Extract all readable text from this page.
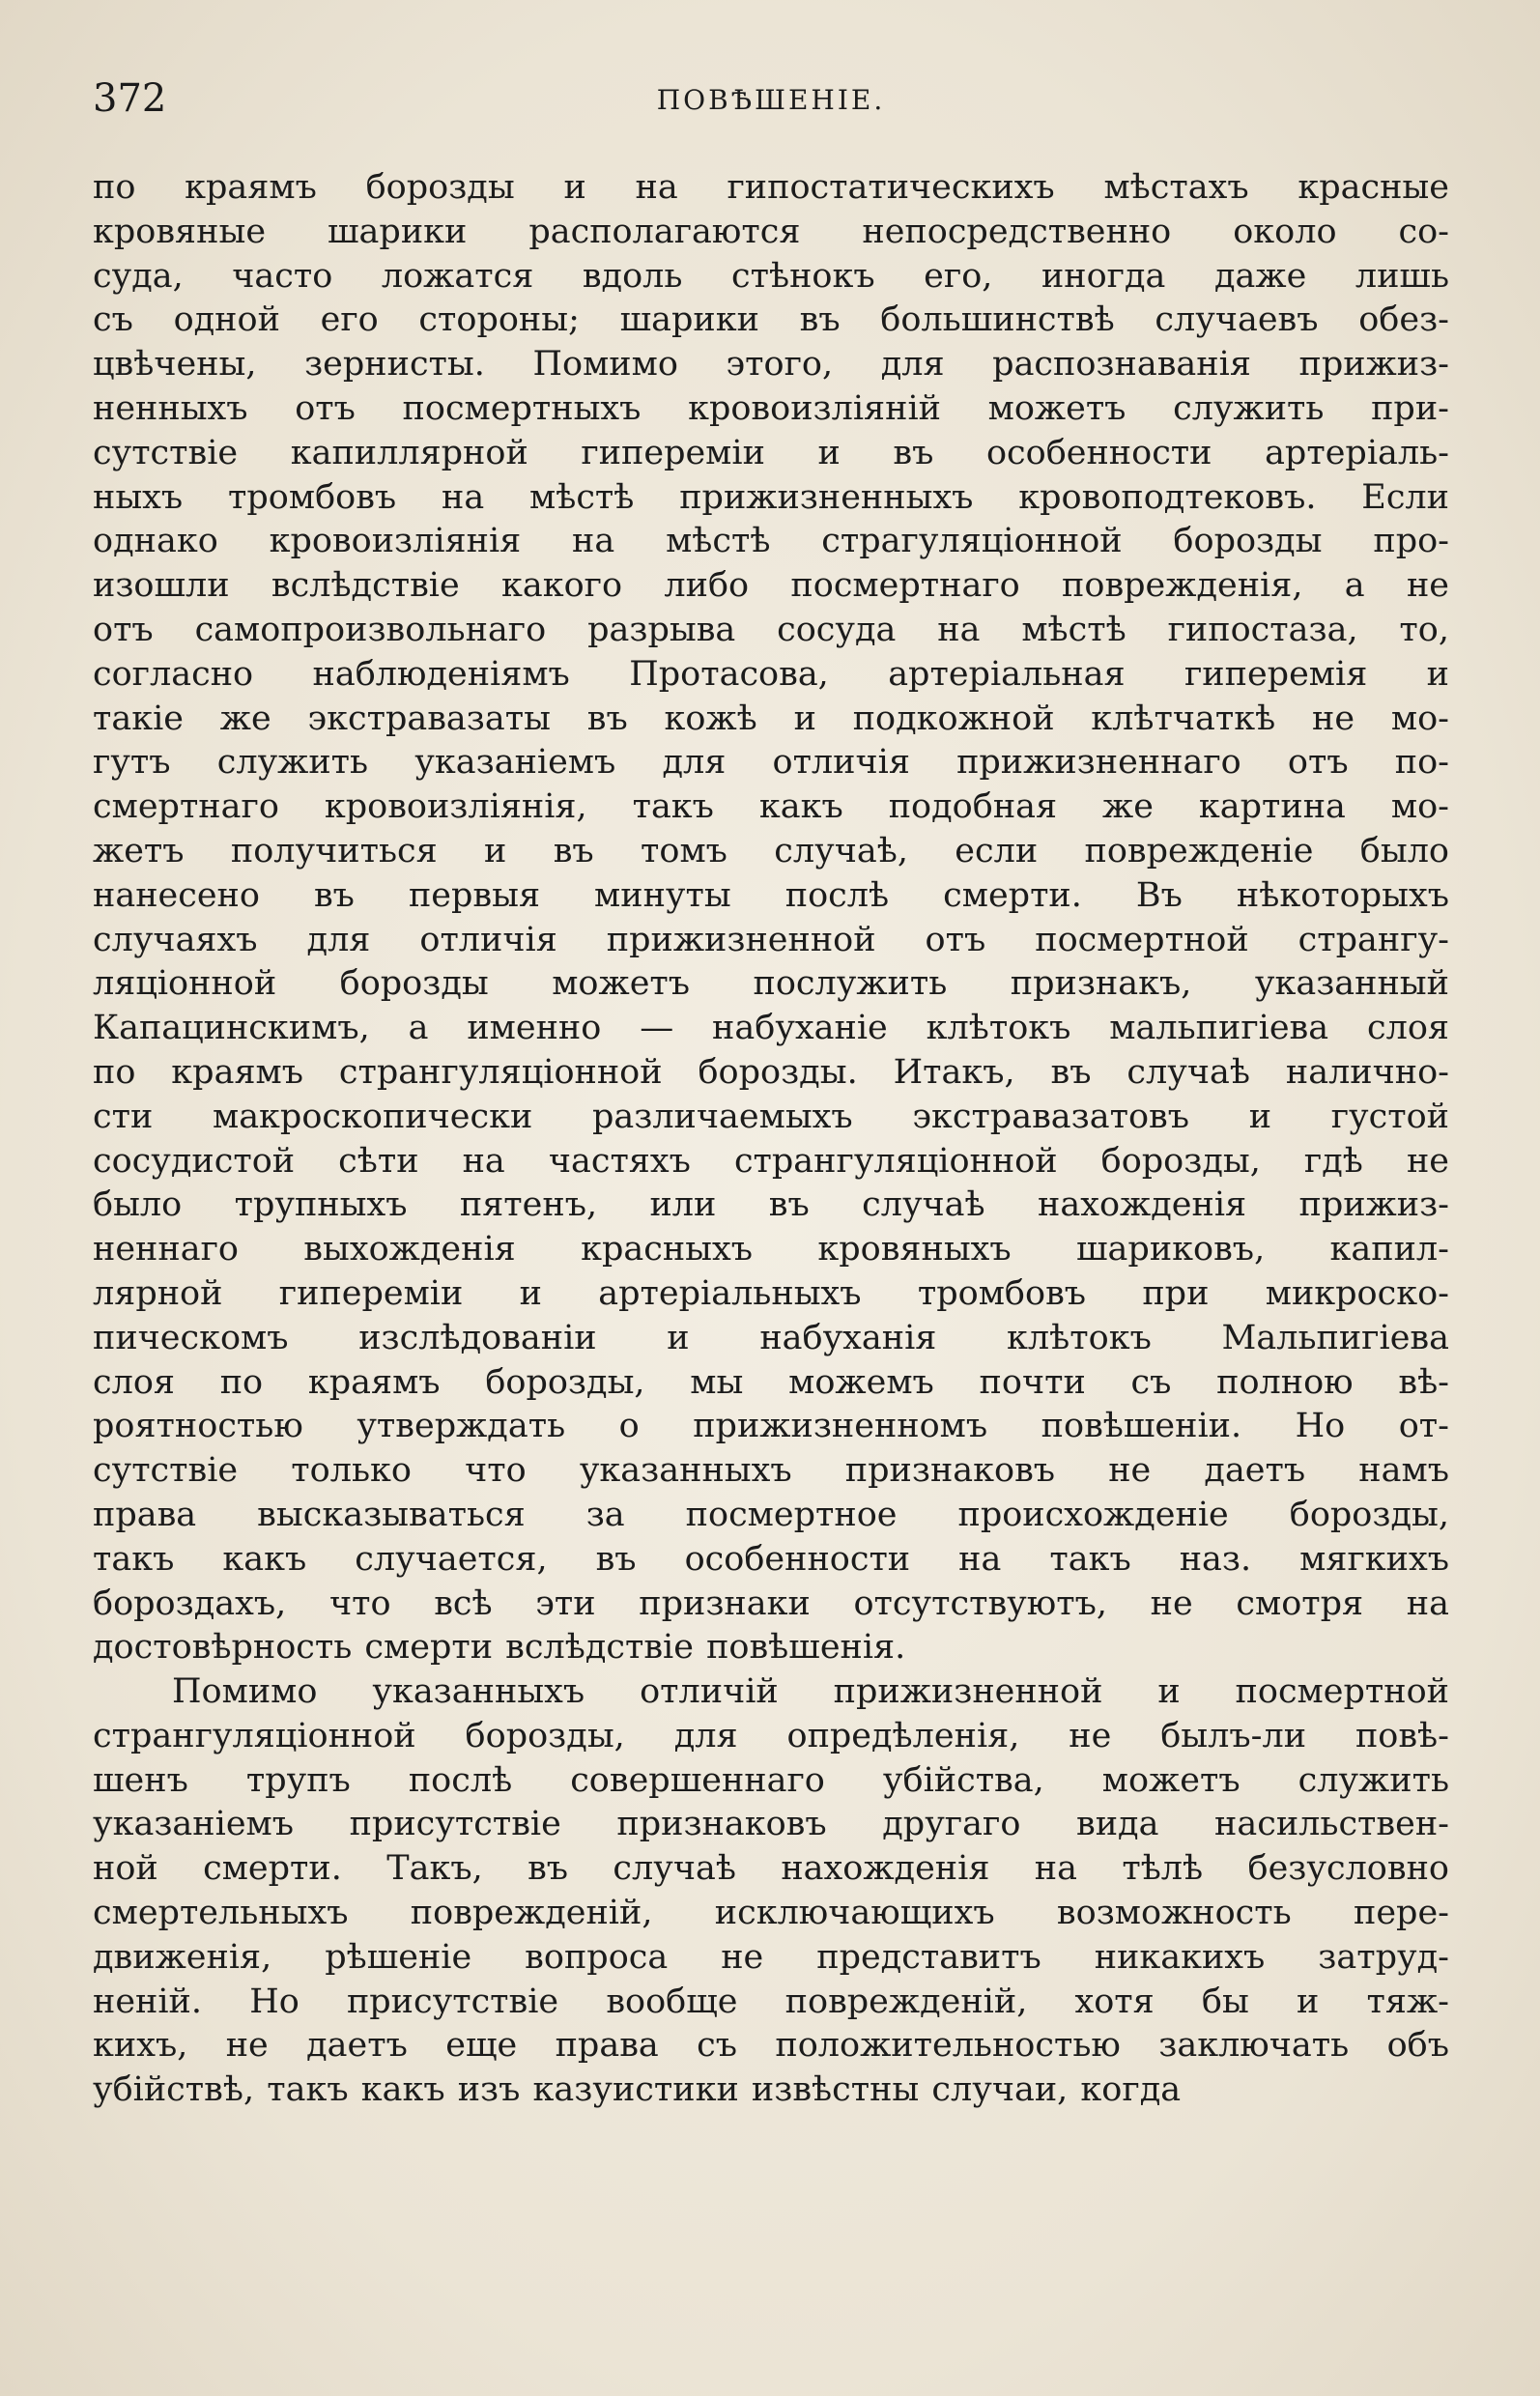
372	ПОВѢШЕНІЕ.
по краямъ борозды и на гипостатическихъ мѣстахъ красные
кровяные шарики располагаются непосредственно около со-
суда, часто ложатся вдоль стѣнокъ его, иногда даже лишь
съ одной его стороны; шарики въ большинствѣ случаевъ обез-
цвѣчены, зернисты. Помимо этого, для распознаванія прижиз-
ненныхъ отъ посмертныхъ кровоизліяній можетъ служить при-
сутствіе капиллярной гипереміи и въ особенности артеріаль-
ныхъ тромбовъ на мѣстѣ прижизненныхъ кровоподтековъ. Если
однако кровоизліянія на мѣстѣ страгуляціонной борозды про-
изошли вслѣдствіе какого либо посмертнаго поврежденія, а не
отъ самопроизвольнаго разрыва сосуда на мѣстѣ гипостаза, то,
согласно наблюденіямъ Протасова, артеріальная гиперемія и
такіе же экстравазаты въ кожѣ и подкожной клѣтчаткѣ не мо-
гутъ служить указаніемъ для отличія прижизненнаго отъ по-
смертнаго кровоизліянія, такъ какъ подобная же картина мо-
жетъ получиться и въ томъ случаѣ, если поврежденіе было
нанесено въ первыя минуты послѣ смерти. Въ нѣкоторыхъ
случаяхъ для отличія прижизненной отъ посмертной странгу-
ляціонной борозды можетъ послужить признакъ, указанный
Капацинскимъ, а именно — набуханіе клѣтокъ мальпигіева слоя
по краямъ странгуляціонной борозды. Итакъ, въ случаѣ налично-
сти макроскопически различаемыхъ экстравазатовъ и густой
сосудистой сѣти на частяхъ странгуляціонной борозды, гдѣ не
было трупныхъ пятенъ, или въ случаѣ нахожденія прижиз-
неннаго выхожденія красныхъ кровяныхъ шариковъ, капил-
лярной гипереміи и артеріальныхъ тромбовъ при микроско-
пическомъ изслѣдованіи и набуханія клѣтокъ Мальпигіева
слоя по краямъ борозды, мы можемъ почти съ полною вѣ-
роятностью утверждать о прижизненномъ повѣшеніи. Но от-
сутствіе только что указанныхъ признаковъ не даетъ намъ
права высказываться за посмертное происхожденіе борозды,
такъ какъ случается, въ особенности на такъ наз. мягкихъ
бороздахъ, что всѣ эти признаки отсутствуютъ, не смотря на
достовѣрность смерти вслѣдствіе повѣшенія.
Помимо указанныхъ отличій прижизненной и посмертной
странгуляціонной борозды, для опредѣленія, не былъ-ли повѣ-
шенъ трупъ послѣ совершеннаго убійства, можетъ служить
указаніемъ присутствіе признаковъ другаго вида насильствен-
ной смерти. Такъ, въ случаѣ нахожденія на тѣлѣ безусловно
смертельныхъ поврежденій, исключающихъ возможность пере-
движенія, рѣшеніе вопроса не представитъ никакихъ затруд-
неній. Но присутствіе вообще поврежденій, хотя бы и тяж-
кихъ, не даетъ еще права съ положительностью заключать объ
убійствѣ, такъ какъ изъ казуистики извѣстны случаи, когда
